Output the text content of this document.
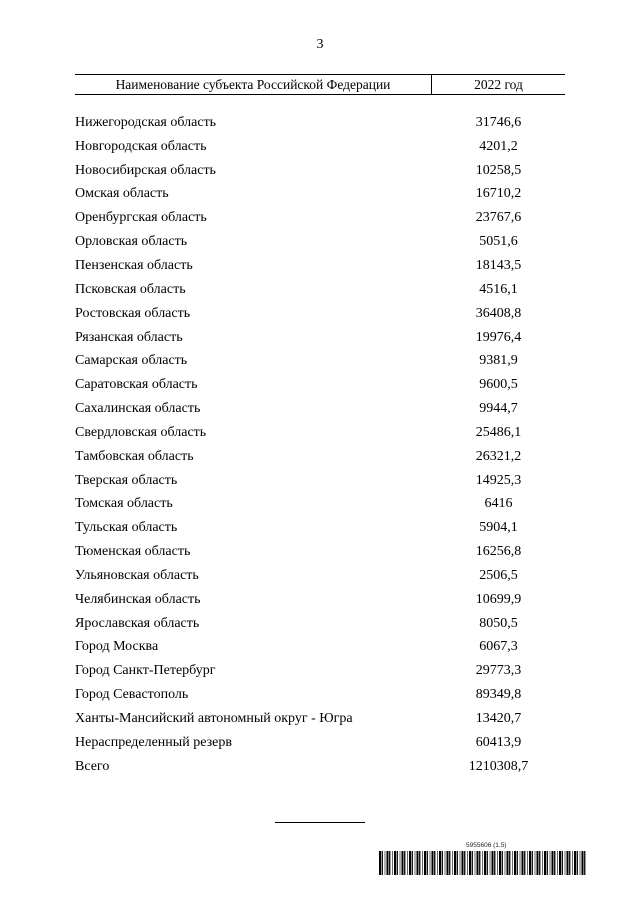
3
Наименование субъекта Российской Федерации	2022 год
Нижегородская область	31746,6
Новгородская область	4201,2
Новосибирская область	10258,5
Омская область	16710,2
Оренбургская область	23767,6
Орловская область	5051,6
Пензенская область	18143,5
Псковская область	4516,1
Ростовская область	36408,8
Рязанская область	19976,4
Самарская область	9381,9
Саратовская область	9600,5
Сахалинская область	9944,7
Свердловская область	25486,1
Тамбовская область	26321,2
Тверская область	14925,3
Томская область	6416
Тульская область	5904,1
Тюменская область	16256,8
Ульяновская область	2506,5
Челябинская область	10699,9
Ярославская область	8050,5
Город Москва	6067,3
Город Санкт-Петербург	29773,3
Город Севастополь	89349,8
Ханты-Мансийский автономный округ - Югра	13420,7
Нераспределенный резерв	60413,9
Всего	1210308,7
5955606 (1.5)
